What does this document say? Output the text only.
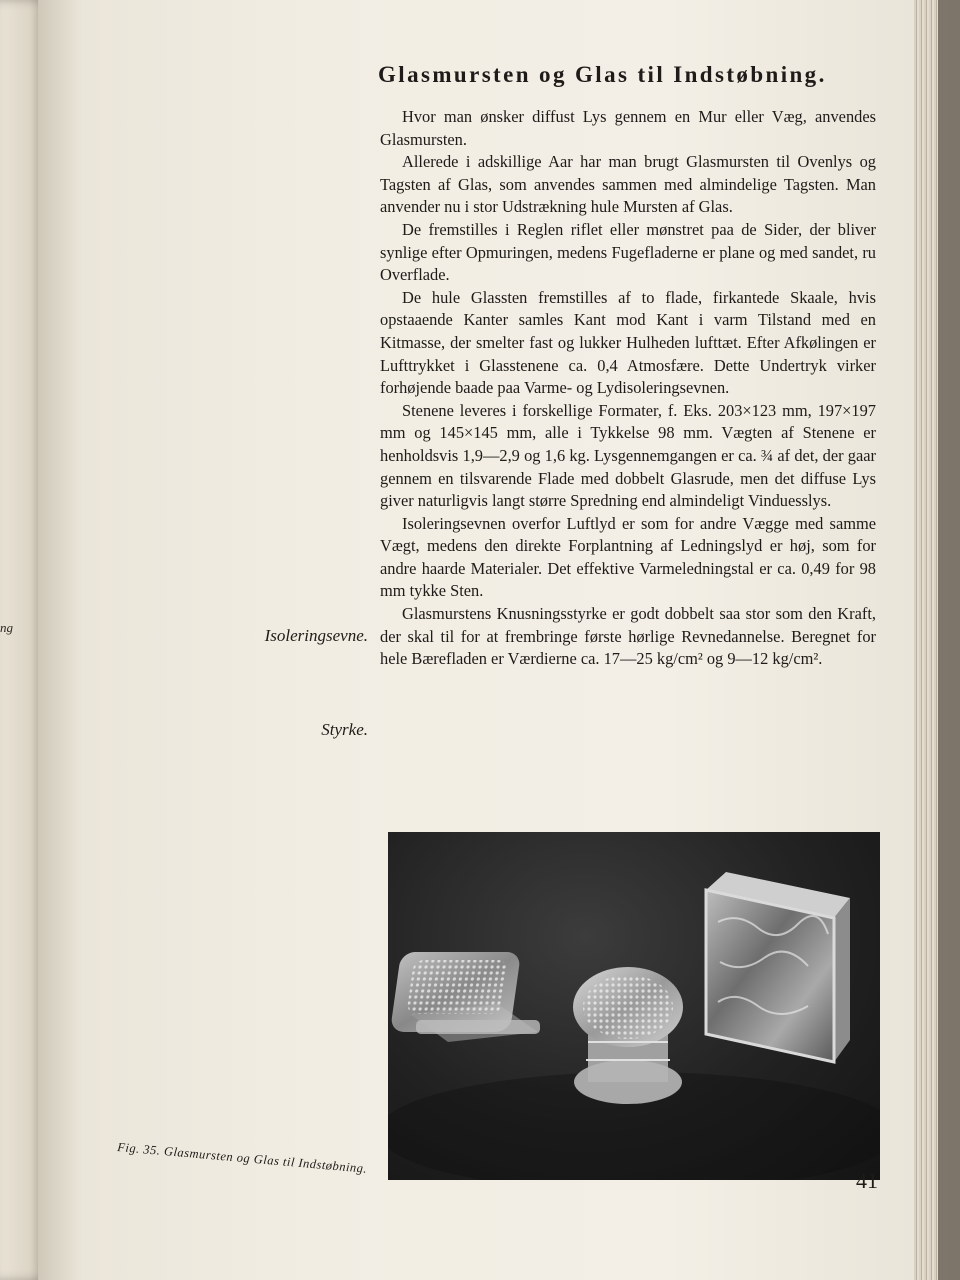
ng
Glasmursten og Glas til Indstøbning.

Hvor man ønsker diffust Lys gennem en Mur eller Væg, anvendes Glasmursten.

Allerede i adskillige Aar har man brugt Glasmursten til Ovenlys og Tagsten af Glas, som anvendes sammen med almindelige Tagsten. Man anvender nu i stor Udstrækning hule Mursten af Glas.

De fremstilles i Reglen riflet eller mønstret paa de Sider, der bliver synlige efter Opmuringen, medens Fugefladerne er plane og med sandet, ru Overflade.

De hule Glassten fremstilles af to flade, firkantede Skaale, hvis opstaaende Kanter samles Kant mod Kant i varm Tilstand med en Kitmasse, der smelter fast og lukker Hulheden lufttæt. Efter Afkølingen er Lufttrykket i Glasstenene ca. 0,4 Atmosfære. Dette Undertryk virker forhøjende baade paa Varme- og Lydisoleringsevnen.

Stenene leveres i forskellige Formater, f. Eks. 203×123 mm, 197×197 mm og 145×145 mm, alle i Tykkelse 98 mm. Vægten af Stenene er henholdsvis 1,9—2,9 og 1,6 kg. Lysgennemgangen er ca. ¾ af det, der gaar gennem en tilsvarende Flade med dobbelt Glasrude, men det diffuse Lys giver naturligvis langt større Spredning end almindeligt Vinduesslys.

Isoleringsevnen overfor Luftlyd er som for andre Vægge med samme Vægt, medens den direkte Forplantning af Ledningslyd er høj, som for andre haarde Materialer. Det effektive Varmeledningstal er ca. 0,49 for 98 mm tykke Sten.

Glasmurstens Knusningsstyrke er godt dobbelt saa stor som den Kraft, der skal til for at frembringe første hørlige Revnedannelse. Beregnet for hele Bærefladen er Værdierne ca. 17—25 kg/cm² og 9—12 kg/cm².

Isoleringsevne.
Styrke.
Fig. 35. Glasmursten og Glas til Indstøbning.
41
